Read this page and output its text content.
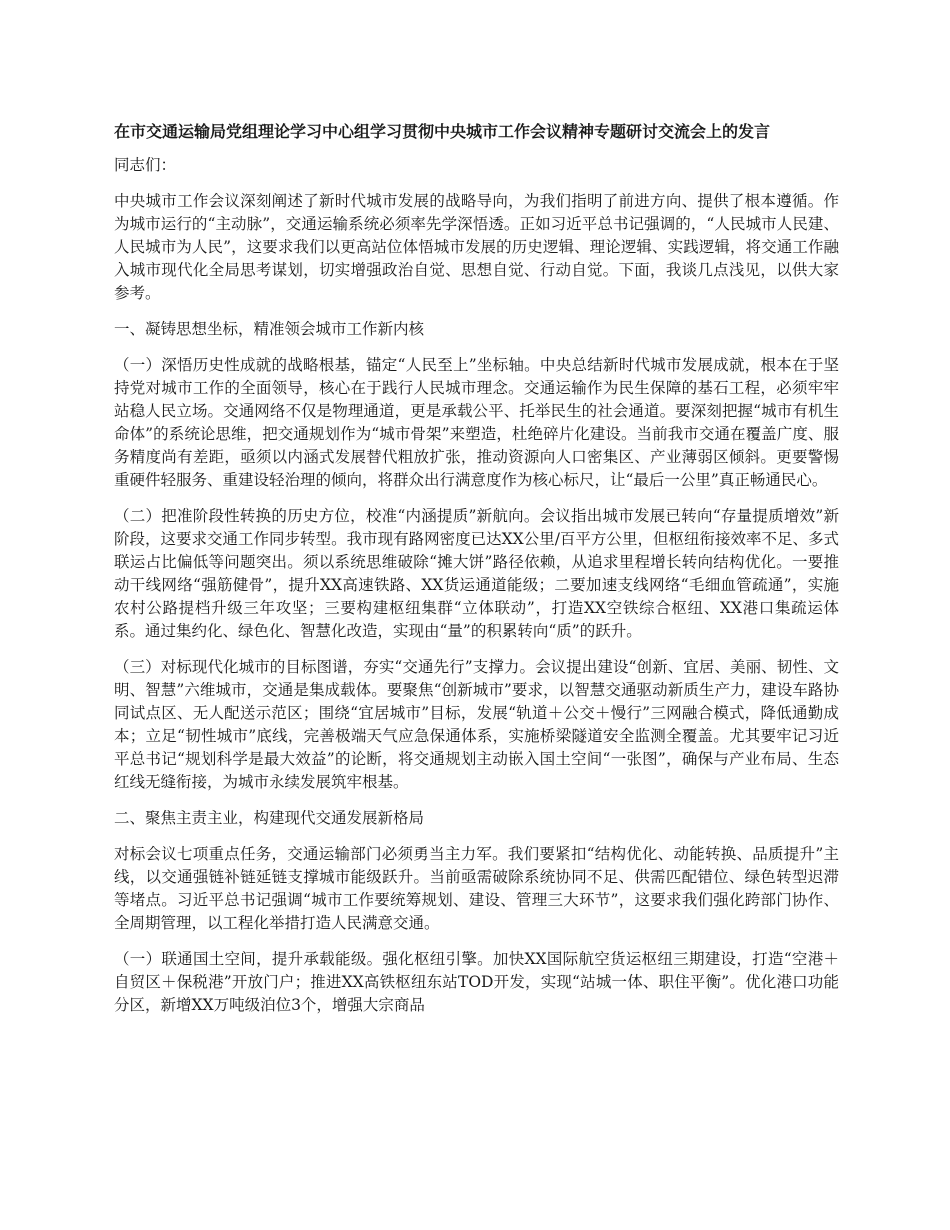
在市交通运输局党组理论学习中心组学习贯彻中央城市工作会议精神专题研讨交流会上的发言
同志们：
中央城市工作会议深刻阐述了新时代城市发展的战略导向，为我们指明了前进方向、提供了根本遵循。作为城市运行的“主动脉”，交通运输系统必须率先学深悟透。正如习近平总书记强调的，“人民城市人民建、人民城市为人民”，这要求我们以更高站位体悟城市发展的历史逻辑、理论逻辑、实践逻辑，将交通工作融入城市现代化全局思考谋划，切实增强政治自觉、思想自觉、行动自觉。下面，我谈几点浅见，以供大家参考。
一、凝铸思想坐标，精准领会城市工作新内核
（一）深悟历史性成就的战略根基，锚定“人民至上”坐标轴。中央总结新时代城市发展成就，根本在于坚持党对城市工作的全面领导，核心在于践行人民城市理念。交通运输作为民生保障的基石工程，必须牢牢站稳人民立场。交通网络不仅是物理通道，更是承载公平、托举民生的社会通道。要深刻把握“城市有机生命体”的系统论思维，把交通规划作为“城市骨架”来塑造，杜绝碎片化建设。当前我市交通在覆盖广度、服务精度尚有差距，亟须以内涵式发展替代粗放扩张，推动资源向人口密集区、产业薄弱区倾斜。更要警惕重硬件轻服务、重建设轻治理的倾向，将群众出行满意度作为核心标尺，让“最后一公里”真正畅通民心。
（二）把准阶段性转换的历史方位，校准“内涵提质”新航向。会议指出城市发展已转向“存量提质增效”新阶段，这要求交通工作同步转型。我市现有路网密度已达XX公里/百平方公里，但枢纽衔接效率不足、多式联运占比偏低等问题突出。须以系统思维破除“摊大饼”路径依赖，从追求里程增长转向结构优化。一要推动干线网络“强筋健骨”，提升XX高速铁路、XX货运通道能级；二要加速支线网络“毛细血管疏通”，实施农村公路提档升级三年攻坚；三要构建枢纽集群“立体联动”，打造XX空铁综合枢纽、XX港口集疏运体系。通过集约化、绿色化、智慧化改造，实现由“量”的积累转向“质”的跃升。
（三）对标现代化城市的目标图谱，夯实“交通先行”支撑力。会议提出建设“创新、宜居、美丽、韧性、文明、智慧”六维城市，交通是集成载体。要聚焦“创新城市”要求，以智慧交通驱动新质生产力，建设车路协同试点区、无人配送示范区；围绕“宜居城市”目标，发展“轨道＋公交＋慢行”三网融合模式，降低通勤成本；立足“韧性城市”底线，完善极端天气应急保通体系，实施桥梁隧道安全监测全覆盖。尤其要牢记习近平总书记“规划科学是最大效益”的论断，将交通规划主动嵌入国土空间“一张图”，确保与产业布局、生态红线无缝衔接，为城市永续发展筑牢根基。
二、聚焦主责主业，构建现代交通发展新格局
对标会议七项重点任务，交通运输部门必须勇当主力军。我们要紧扣“结构优化、动能转换、品质提升”主线，以交通强链补链延链支撑城市能级跃升。当前亟需破除系统协同不足、供需匹配错位、绿色转型迟滞等堵点。习近平总书记强调“城市工作要统筹规划、建设、管理三大环节”，这要求我们强化跨部门协作、全周期管理，以工程化举措打造人民满意交通。
（一）联通国土空间，提升承载能级。强化枢纽引擎。加快XX国际航空货运枢纽三期建设，打造“空港＋自贸区＋保税港”开放门户；推进XX高铁枢纽东站TOD开发，实现“站城一体、职住平衡”。优化港口功能分区，新增XX万吨级泊位3个，增强大宗商品
